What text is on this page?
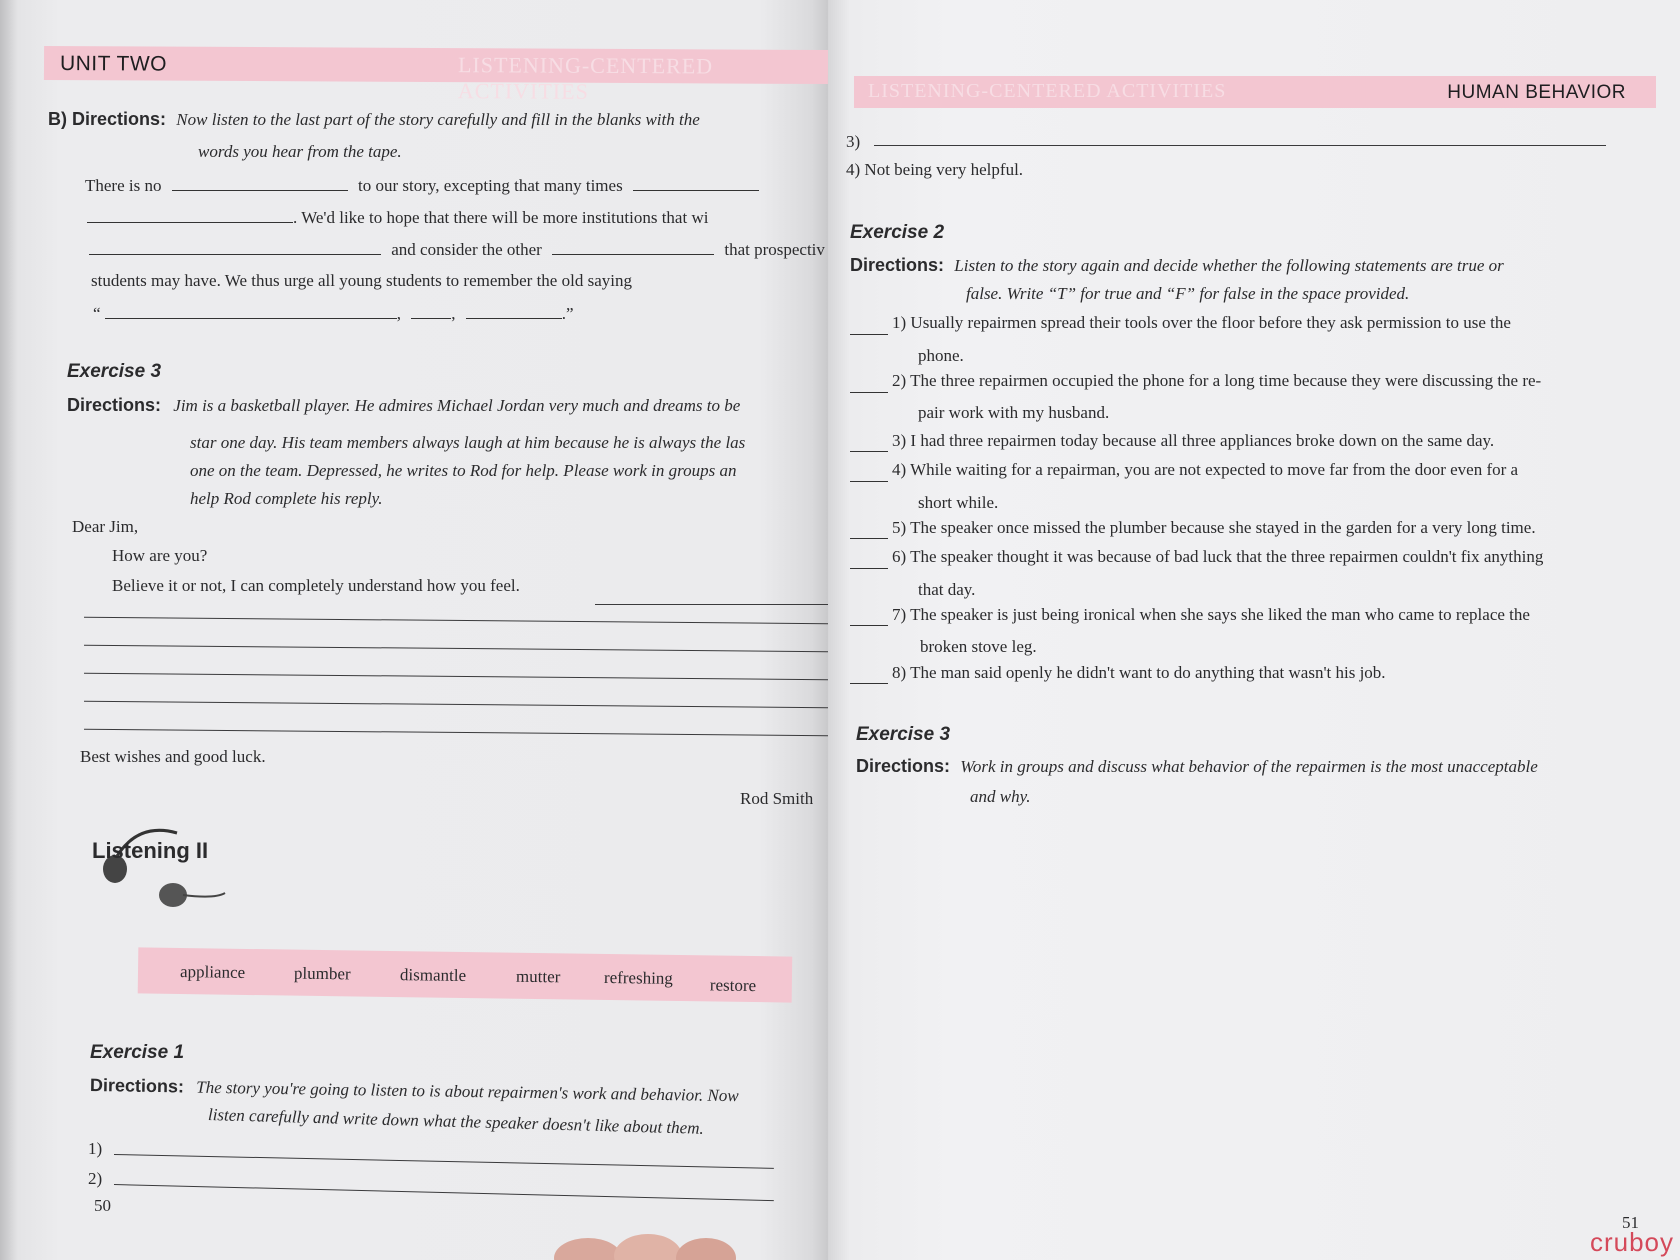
UNIT TWO	LISTENING-CENTERED ACTIVITIES
B) Directions: Now listen to the last part of the story carefully and fill in the blanks with the
words you hear from the tape.
There is no	to our story, excepting that many times
. We'd like to hope that there will be more institutions that wi
and consider the other	that prospectiv
students may have. We thus urge all young students to remember the old saying
“	,	,	.”
Exercise 3
Directions: Jim is a basketball player. He admires Michael Jordan very much and dreams to be
star one day. His team members always laugh at him because he is always the las
one on the team. Depressed, he writes to Rod for help. Please work in groups an
help Rod complete his reply.
Dear Jim,
How are you?
Believe it or not, I can completely understand how you feel.
Best wishes and good luck.
Rod Smith
Listening II
appliance	plumber	dismantle	mutter	refreshing restore
Exercise 1
Directions: The story you're going to listen to is about repairmen's work and behavior. Now
listen carefully and write down what the speaker doesn't like about them.
1)
2)
50
LISTENING-CENTERED ACTIVITIES	HUMAN BEHAVIOR
3)
4) Not being very helpful.
Exercise 2
Directions: Listen to the story again and decide whether the following statements are true or
false. Write “T” for true and “F” for false in the space provided.
1) Usually repairmen spread their tools over the floor before they ask permission to use the
phone.
2) The three repairmen occupied the phone for a long time because they were discussing the re-
pair work with my husband.
3) I had three repairmen today because all three appliances broke down on the same day.
4) While waiting for a repairman, you are not expected to move far from the door even for a
short while.
5) The speaker once missed the plumber because she stayed in the garden for a very long time.
6) The speaker thought it was because of bad luck that the three repairmen couldn't fix anything
that day.
7) The speaker is just being ironical when she says she liked the man who came to replace the
broken stove leg.
8) The man said openly he didn't want to do anything that wasn't his job.
Exercise 3
Directions: Work in groups and discuss what behavior of the repairmen is the most unacceptable
and why.
51
cruboy
